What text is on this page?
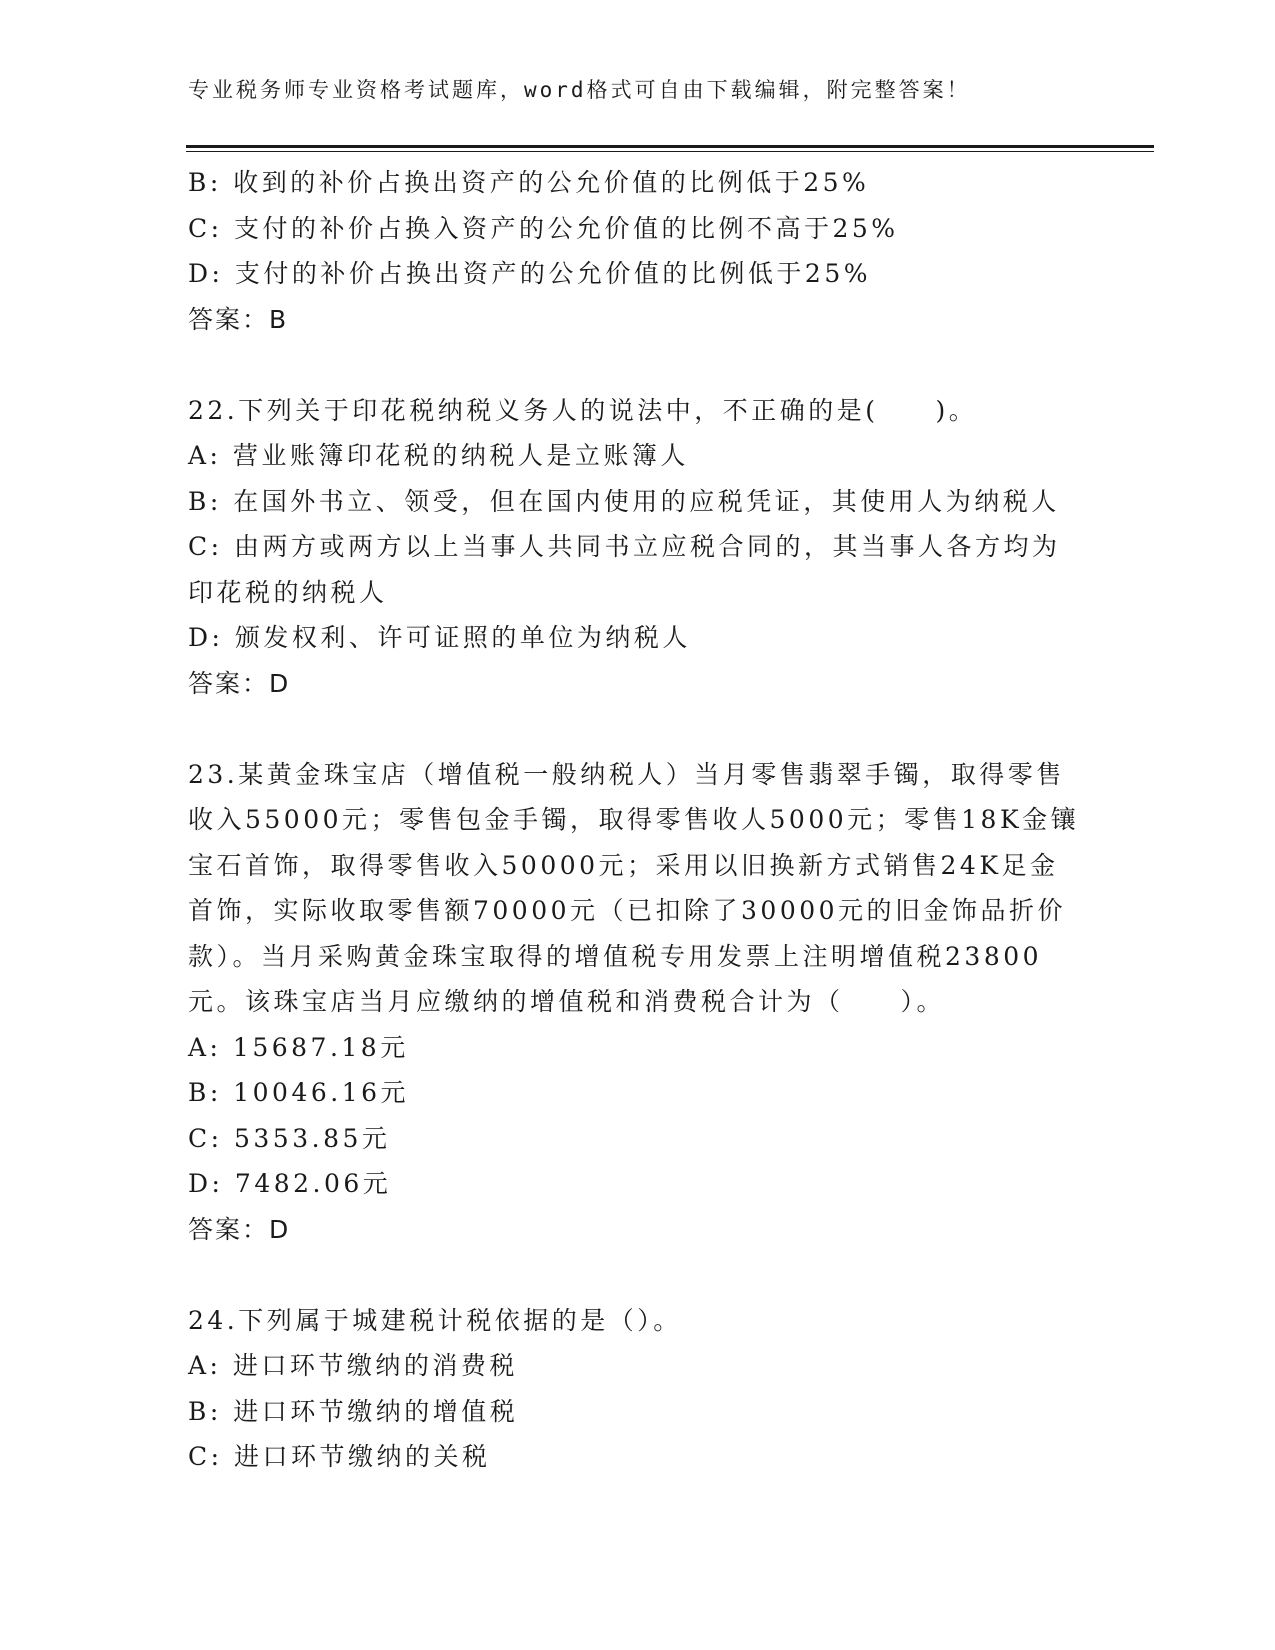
专业税务师专业资格考试题库，word格式可自由下载编辑，附完整答案！
B: 收到的补价占换出资产的公允价值的比例低于25%
C: 支付的补价占换入资产的公允价值的比例不高于25%
D: 支付的补价占换出资产的公允价值的比例低于25%
答案：B
22.下列关于印花税纳税义务人的说法中，不正确的是(　　)。
A: 营业账簿印花税的纳税人是立账簿人
B: 在国外书立、领受，但在国内使用的应税凭证，其使用人为纳税人
C: 由两方或两方以上当事人共同书立应税合同的，其当事人各方均为
印花税的纳税人
D: 颁发权利、许可证照的单位为纳税人
答案：D
23.某黄金珠宝店（增值税一般纳税人）当月零售翡翠手镯，取得零售
收入55000元；零售包金手镯，取得零售收人5000元；零售18K金镶
宝石首饰，取得零售收入50000元；采用以旧换新方式销售24K足金
首饰，实际收取零售额70000元（已扣除了30000元的旧金饰品折价
款）。当月采购黄金珠宝取得的增值税专用发票上注明增值税23800
元。该珠宝店当月应缴纳的增值税和消费税合计为（　　）。
A: 15687.18元
B: 10046.16元
C: 5353.85元
D: 7482.06元
答案：D
24.下列属于城建税计税依据的是（）。
A: 进口环节缴纳的消费税
B: 进口环节缴纳的增值税
C: 进口环节缴纳的关税
